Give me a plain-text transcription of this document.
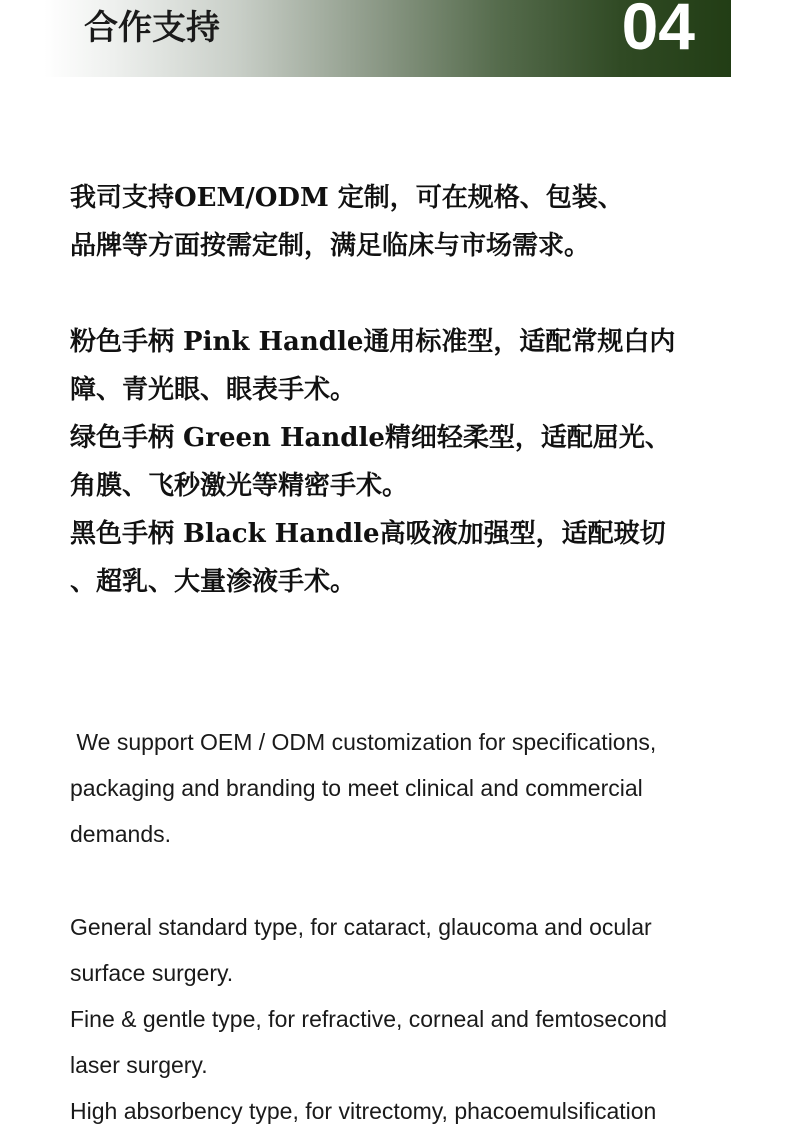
合作支持	04

我司支持OEM/ODM 定制，可在规格、包装、

品牌等方面按需定制，满足临床与市场需求。

粉色手柄 Pink Handle通用标准型，适配常规白内

障、青光眼、眼表手术。

绿色手柄 Green Handle精细轻柔型，适配屈光、

角膜、飞秒激光等精密手术。

黑色手柄 Black Handle高吸液加强型，适配玻切

、超乳、大量渗液手术。

We support OEM / ODM customization for specifications,

packaging and branding to meet clinical and commercial

demands.

General standard type, for cataract, glaucoma and ocular

surface surgery.

Fine & gentle type, for refractive, corneal and femtosecond

laser surgery.

High absorbency type, for vitrectomy, phacoemulsification
